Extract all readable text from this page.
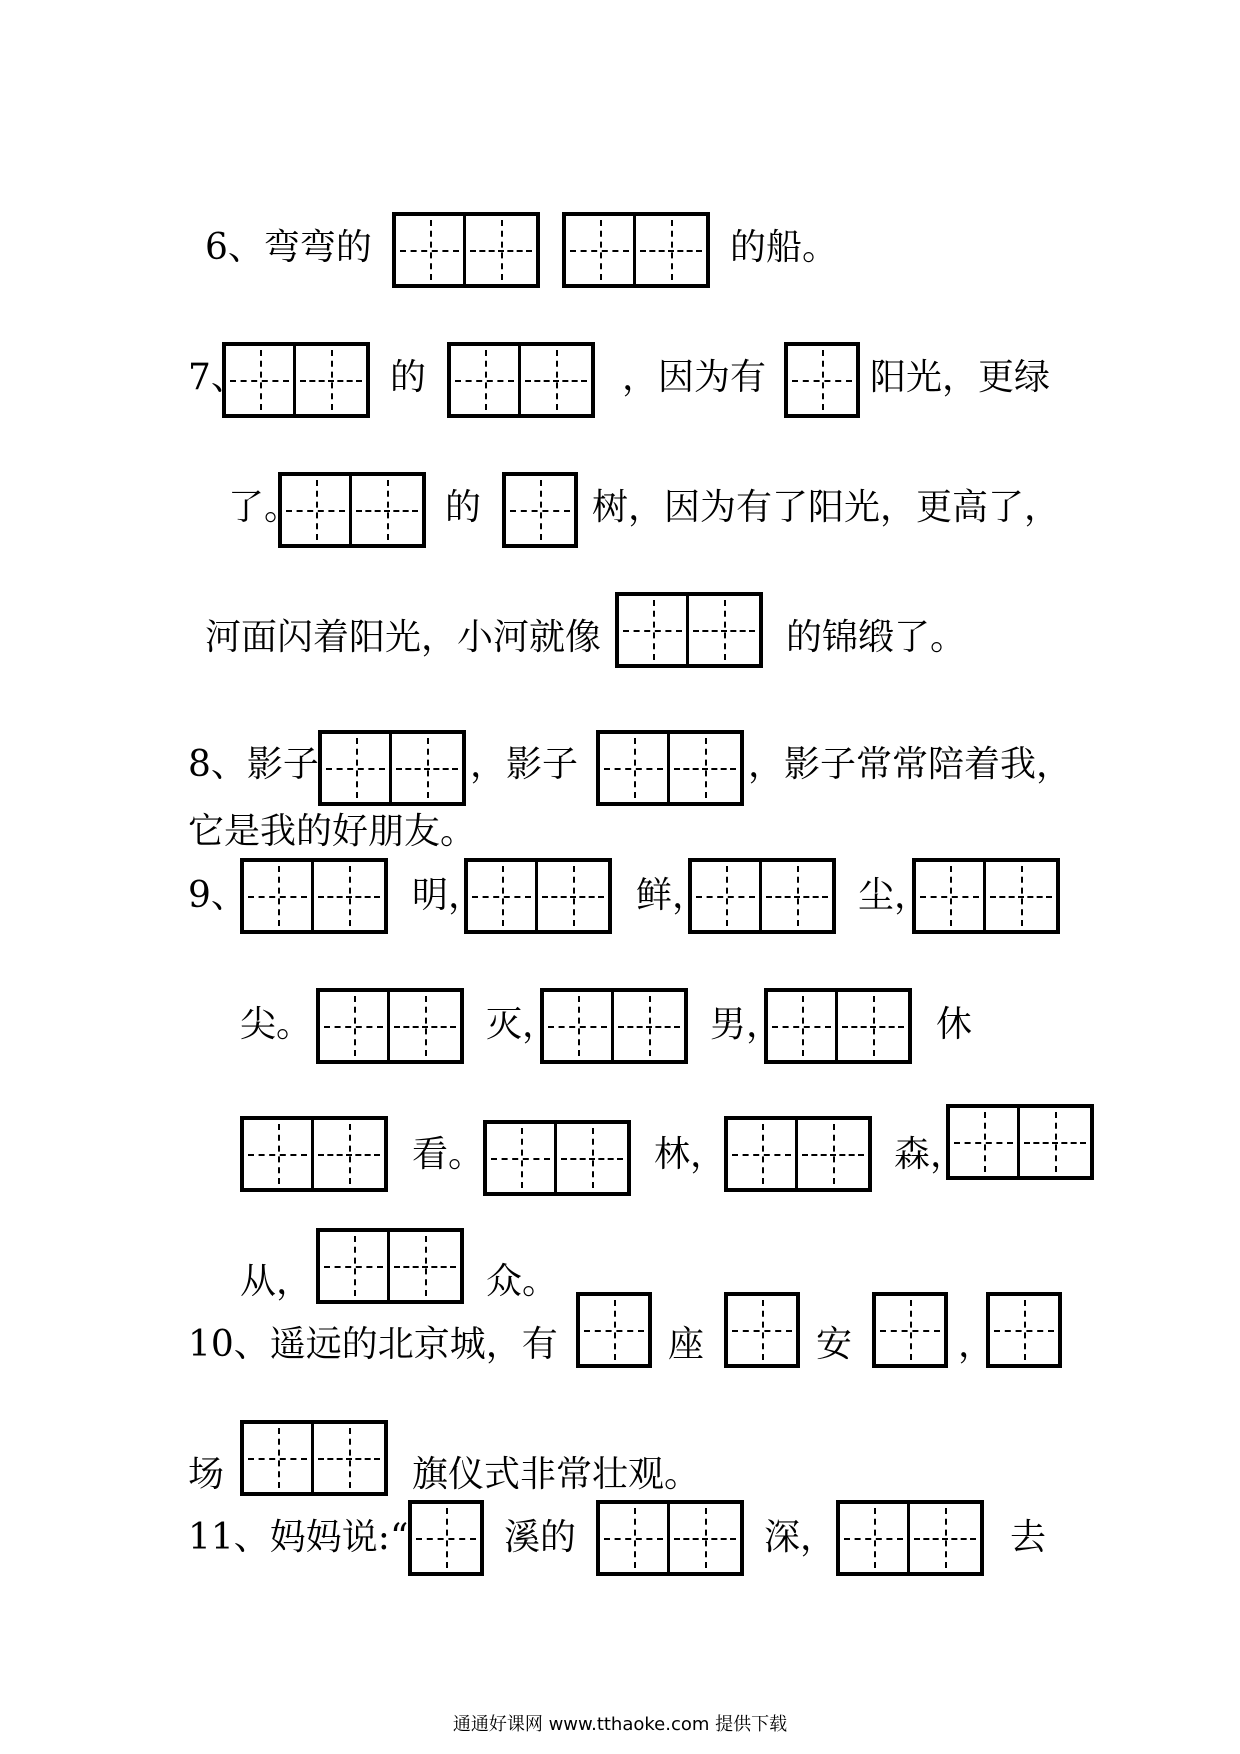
6、弯弯的	的船。
7、	的	，因为有	阳光，更绿
了。	的	树，因为有了阳光，更高了，
河面闪着阳光，小河就像	的锦缎了。
8、影子	，影子	，影子常常陪着我，
它是我的好朋友。
9、	明，	鲜，	尘，
尖。	灭，	男，	休
看。	林，	森，
从，	众。
10、遥远的北京城，有	座	安	，
场	旗仪式非常壮观。
11、妈妈说:“	溪的	深，	去
通通好课网 www.tthaoke.com 提供下载
